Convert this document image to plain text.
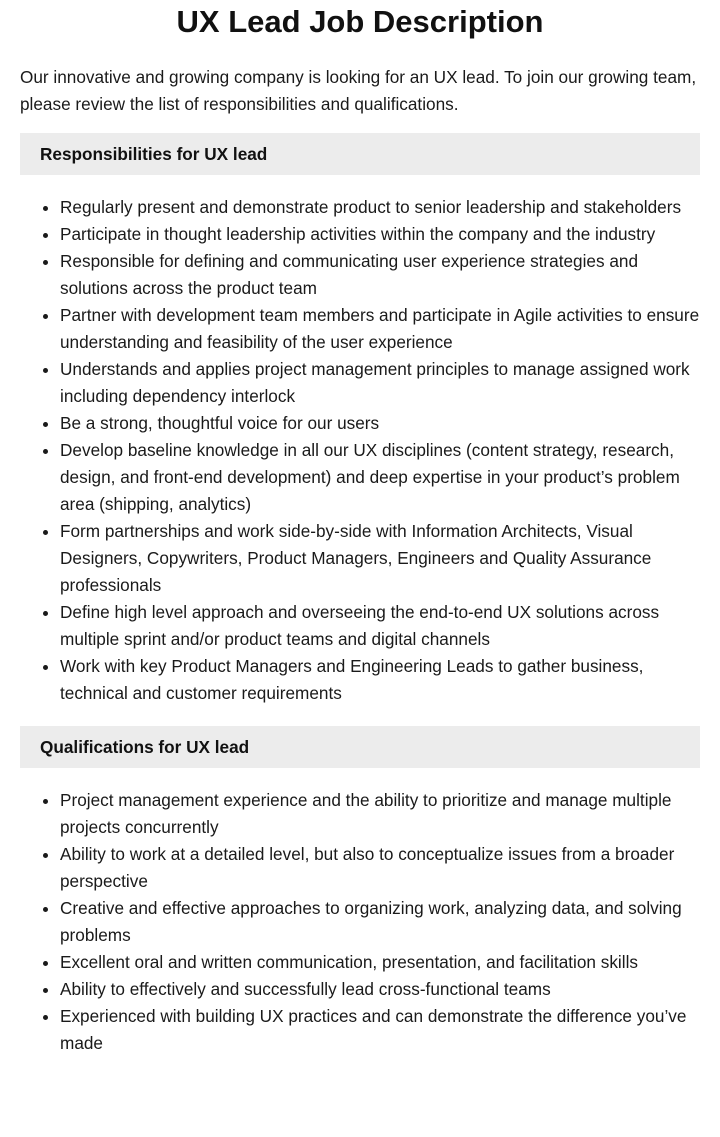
UX Lead Job Description

Our innovative and growing company is looking for an UX lead. To join our growing team, please review the list of responsibilities and qualifications.

Responsibilities for UX lead
• Regularly present and demonstrate product to senior leadership and stakeholders
• Participate in thought leadership activities within the company and the industry
• Responsible for defining and communicating user experience strategies and solutions across the product team
• Partner with development team members and participate in Agile activities to ensure understanding and feasibility of the user experience
• Understands and applies project management principles to manage assigned work including dependency interlock
• Be a strong, thoughtful voice for our users
• Develop baseline knowledge in all our UX disciplines (content strategy, research, design, and front-end development) and deep expertise in your product’s problem area (shipping, analytics)
• Form partnerships and work side-by-side with Information Architects, Visual Designers, Copywriters, Product Managers, Engineers and Quality Assurance professionals
• Define high level approach and overseeing the end-to-end UX solutions across multiple sprint and/or product teams and digital channels
• Work with key Product Managers and Engineering Leads to gather business, technical and customer requirements
Qualifications for UX lead
• Project management experience and the ability to prioritize and manage multiple projects concurrently
• Ability to work at a detailed level, but also to conceptualize issues from a broader perspective
• Creative and effective approaches to organizing work, analyzing data, and solving problems
• Excellent oral and written communication, presentation, and facilitation skills
• Ability to effectively and successfully lead cross-functional teams
• Experienced with building UX practices and can demonstrate the difference you’ve made
